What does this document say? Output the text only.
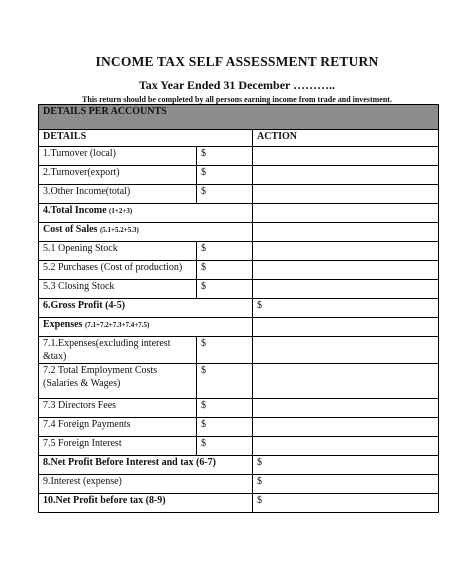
INCOME TAX SELF ASSESSMENT RETURN
Tax Year Ended 31 December ………..
This return should be completed by all persons earning income from trade and investment.
DETAILS PER ACCOUNTS		
DETAILS		ACTION
1.Turnover (local)	$	
2.Turnover(export)	$	
3.Other Income(total)	$	
4.Total Income (1+2+3)		
Cost of Sales (5.1+5.2+5.3)		
5.1 Opening Stock	$	
5.2 Purchases (Cost of production)	$	
5.3 Closing Stock	$	
6.Gross Profit (4-5)		$
Expenses (7.1+7.2+7.3+7.4+7.5)		
7.1.Expenses(excluding interest &tax)	$	
7.2 Total Employment Costs (Salaries & Wages)	$	
7.3 Directors Fees	$	
7.4 Foreign Payments	$	
7.5 Foreign Interest	$	
8.Net Profit Before Interest and tax (6-7)		$
9.Interest (expense)		$
10.Net Profit before tax (8-9)		$
